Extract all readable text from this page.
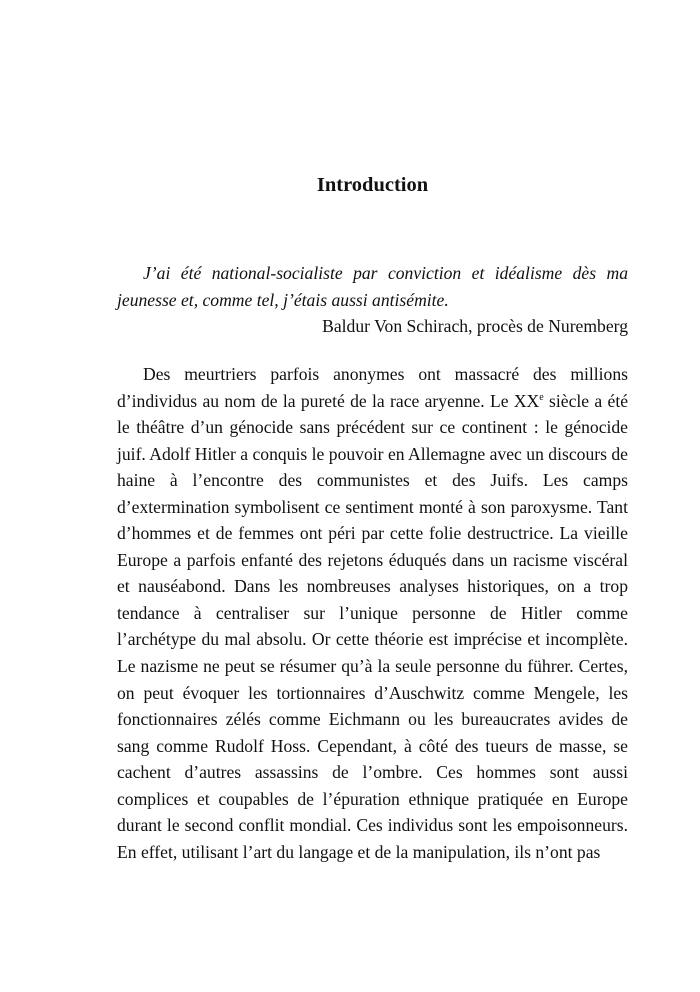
Introduction

J’ai été national-socialiste par conviction et idéalisme dès ma jeunesse et, comme tel, j’étais aussi antisémite.

Baldur Von Schirach, procès de Nuremberg

Des meurtriers parfois anonymes ont massacré des millions d’individus au nom de la pureté de la race aryenne. Le XXe siècle a été le théâtre d’un génocide sans précédent sur ce continent : le génocide juif. Adolf Hitler a conquis le pouvoir en Allemagne avec un discours de haine à l’encontre des communistes et des Juifs. Les camps d’extermination symbolisent ce sentiment monté à son paroxysme. Tant d’hommes et de femmes ont péri par cette folie destructrice. La vieille Europe a parfois enfanté des rejetons éduqués dans un racisme viscéral et nauséabond. Dans les nombreuses analyses historiques, on a trop tendance à centraliser sur l’unique personne de Hitler comme l’archétype du mal absolu. Or cette théorie est imprécise et incomplète. Le nazisme ne peut se résumer qu’à la seule personne du führer. Certes, on peut évoquer les tortionnaires d’Auschwitz comme Mengele, les fonctionnaires zélés comme Eichmann ou les bureaucrates avides de sang comme Rudolf Hoss. Cependant, à côté des tueurs de masse, se cachent d’autres assassins de l’ombre. Ces hommes sont aussi complices et coupables de l’épuration ethnique pratiquée en Europe durant le second conflit mondial. Ces individus sont les empoisonneurs. En effet, utilisant l’art du langage et de la manipulation, ils n’ont pas
